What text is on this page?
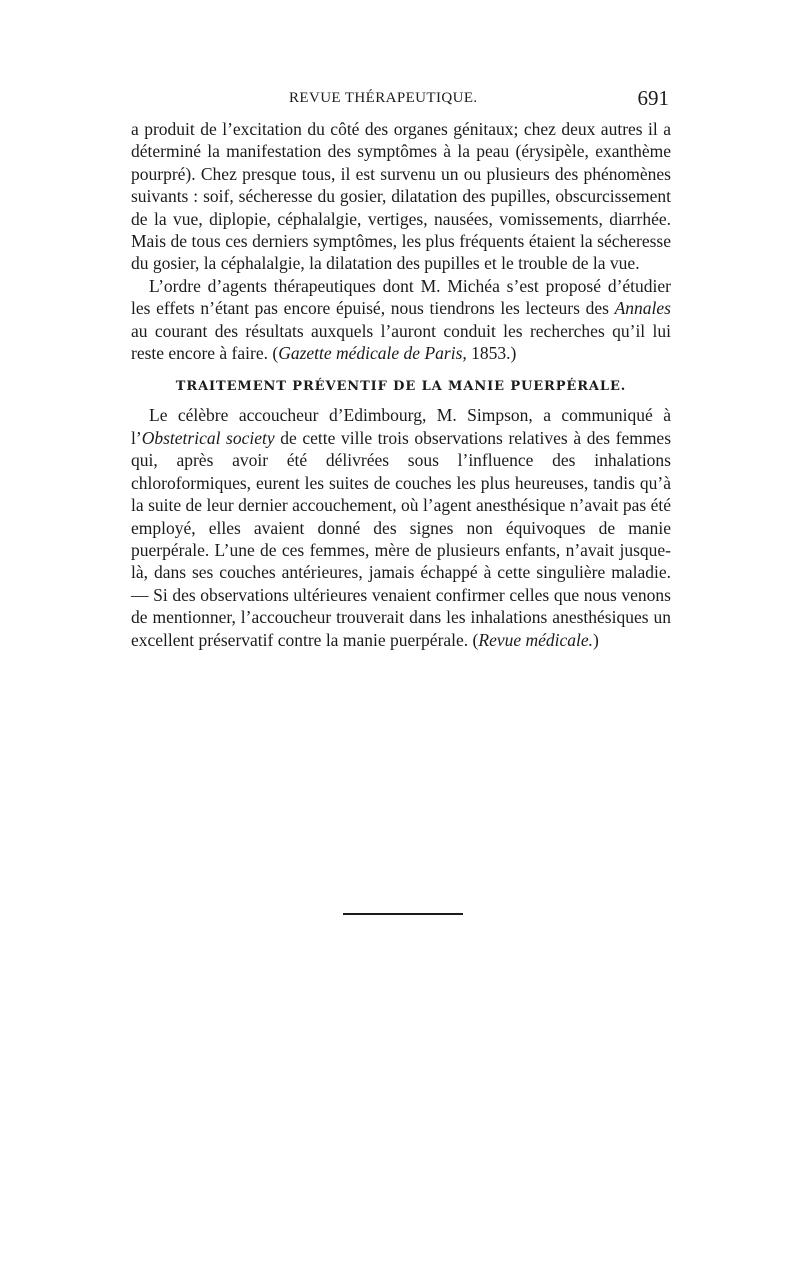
REVUE THÉRAPEUTIQUE.	691

a produit de l’excitation du côté des organes génitaux; chez deux autres il a déterminé la manifestation des symptômes à la peau (érysipèle, exanthème pourpré). Chez presque tous, il est survenu un ou plusieurs des phénomènes suivants : soif, sécheresse du gosier, dilatation des pupilles, obscurcissement de la vue, diplopie, céphalalgie, vertiges, nausées, vomissements, diarrhée. Mais de tous ces derniers symptômes, les plus fréquents étaient la sécheresse du gosier, la céphalalgie, la dilatation des pupilles et le trouble de la vue.

L’ordre d’agents thérapeutiques dont M. Michéa s’est proposé d’étudier les effets n’étant pas encore épuisé, nous tiendrons les lecteurs des Annales au courant des résultats auxquels l’auront conduit les recherches qu’il lui reste encore à faire. (Gazette médicale de Paris, 1853.)

TRAITEMENT PRÉVENTIF DE LA MANIE PUERPÉRALE.

Le célèbre accoucheur d’Edimbourg, M. Simpson, a communiqué à l’Obstetrical society de cette ville trois observations relatives à des femmes qui, après avoir été délivrées sous l’influence des inhalations chloroformiques, eurent les suites de couches les plus heureuses, tandis qu’à la suite de leur dernier accouchement, où l’agent anesthésique n’avait pas été employé, elles avaient donné des signes non équivoques de manie puerpérale. L’une de ces femmes, mère de plusieurs enfants, n’avait jusque-là, dans ses couches antérieures, jamais échappé à cette singulière maladie. — Si des observations ultérieures venaient confirmer celles que nous venons de mentionner, l’accoucheur trouverait dans les inhalations anesthésiques un excellent préservatif contre la manie puerpérale. (Revue médicale.)
